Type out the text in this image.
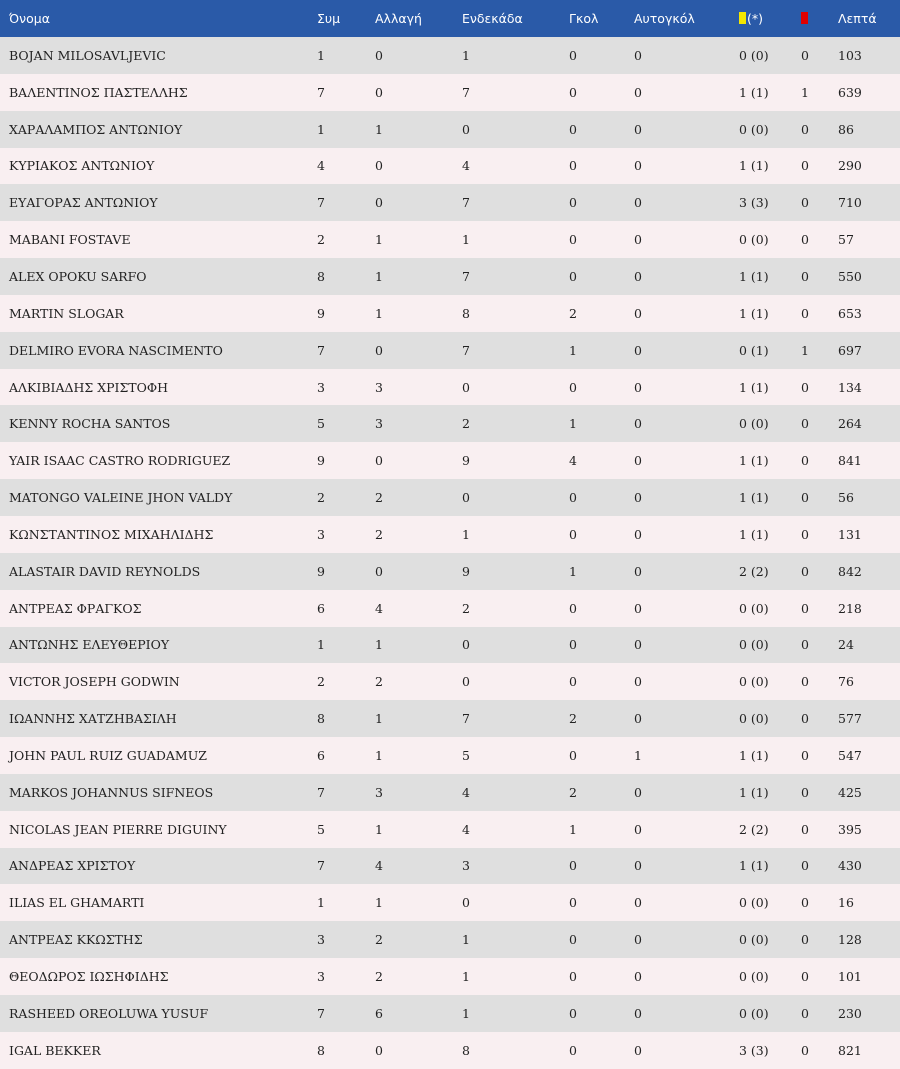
Όνομα	Συμ	Αλλαγή	Ενδεκάδα	Γκολ	Αυτογκόλ	(*)		Λεπτά
BOJAN MILOSAVLJEVIC	1	0	1	0	0	0 (0)	0	103
ΒΑΛΕΝΤΙΝΟΣ ΠΑΣΤΕΛΛΗΣ	7	0	7	0	0	1 (1)	1	639
ΧΑΡΑΛΑΜΠΟΣ ΑΝΤΩΝΙΟΥ	1	1	0	0	0	0 (0)	0	86
ΚΥΡΙΑΚΟΣ ΑΝΤΩΝΙΟΥ	4	0	4	0	0	1 (1)	0	290
ΕΥΑΓΟΡΑΣ ΑΝΤΩΝΙΟΥ	7	0	7	0	0	3 (3)	0	710
MABANI FOSTAVE	2	1	1	0	0	0 (0)	0	57
ALEX OPOKU SARFO	8	1	7	0	0	1 (1)	0	550
MARTIN SLOGAR	9	1	8	2	0	1 (1)	0	653
DELMIRO EVORA NASCIMENTO	7	0	7	1	0	0 (1)	1	697
ΑΛΚΙΒΙΑΔΗΣ ΧΡΙΣΤΟΦΗ	3	3	0	0	0	1 (1)	0	134
KENNY ROCHA SANTOS	5	3	2	1	0	0 (0)	0	264
YAIR ISAAC CASTRO RODRIGUEZ	9	0	9	4	0	1 (1)	0	841
MATONGO VALEINE JHON VALDY	2	2	0	0	0	1 (1)	0	56
ΚΩΝΣΤΑΝΤΙΝΟΣ ΜΙΧΑΗΛΙΔΗΣ	3	2	1	0	0	1 (1)	0	131
ALASTAIR DAVID REYNOLDS	9	0	9	1	0	2 (2)	0	842
ΑΝΤΡΕΑΣ ΦΡΑΓΚΟΣ	6	4	2	0	0	0 (0)	0	218
ΑΝΤΩΝΗΣ ΕΛΕΥΘΕΡΙΟΥ	1	1	0	0	0	0 (0)	0	24
VICTOR JOSEPH GODWIN	2	2	0	0	0	0 (0)	0	76
ΙΩΑΝΝΗΣ ΧΑΤΖΗΒΑΣΙΛΗ	8	1	7	2	0	0 (0)	0	577
JOHN PAUL RUIZ GUADAMUZ	6	1	5	0	1	1 (1)	0	547
MARKOS JOHANNUS SIFNEOS	7	3	4	2	0	1 (1)	0	425
NICOLAS JEAN PIERRE DIGUINY	5	1	4	1	0	2 (2)	0	395
ΑΝΔΡΕΑΣ ΧΡΙΣΤΟΥ	7	4	3	0	0	1 (1)	0	430
ILIAS EL GHAMARTI	1	1	0	0	0	0 (0)	0	16
ΑΝΤΡΕΑΣ ΚΚΩΣΤΗΣ	3	2	1	0	0	0 (0)	0	128
ΘΕΟΔΩΡΟΣ ΙΩΣΗΦΙΔΗΣ	3	2	1	0	0	0 (0)	0	101
RASHEED OREOLUWA YUSUF	7	6	1	0	0	0 (0)	0	230
IGAL BEKKER	8	0	8	0	0	3 (3)	0	821
